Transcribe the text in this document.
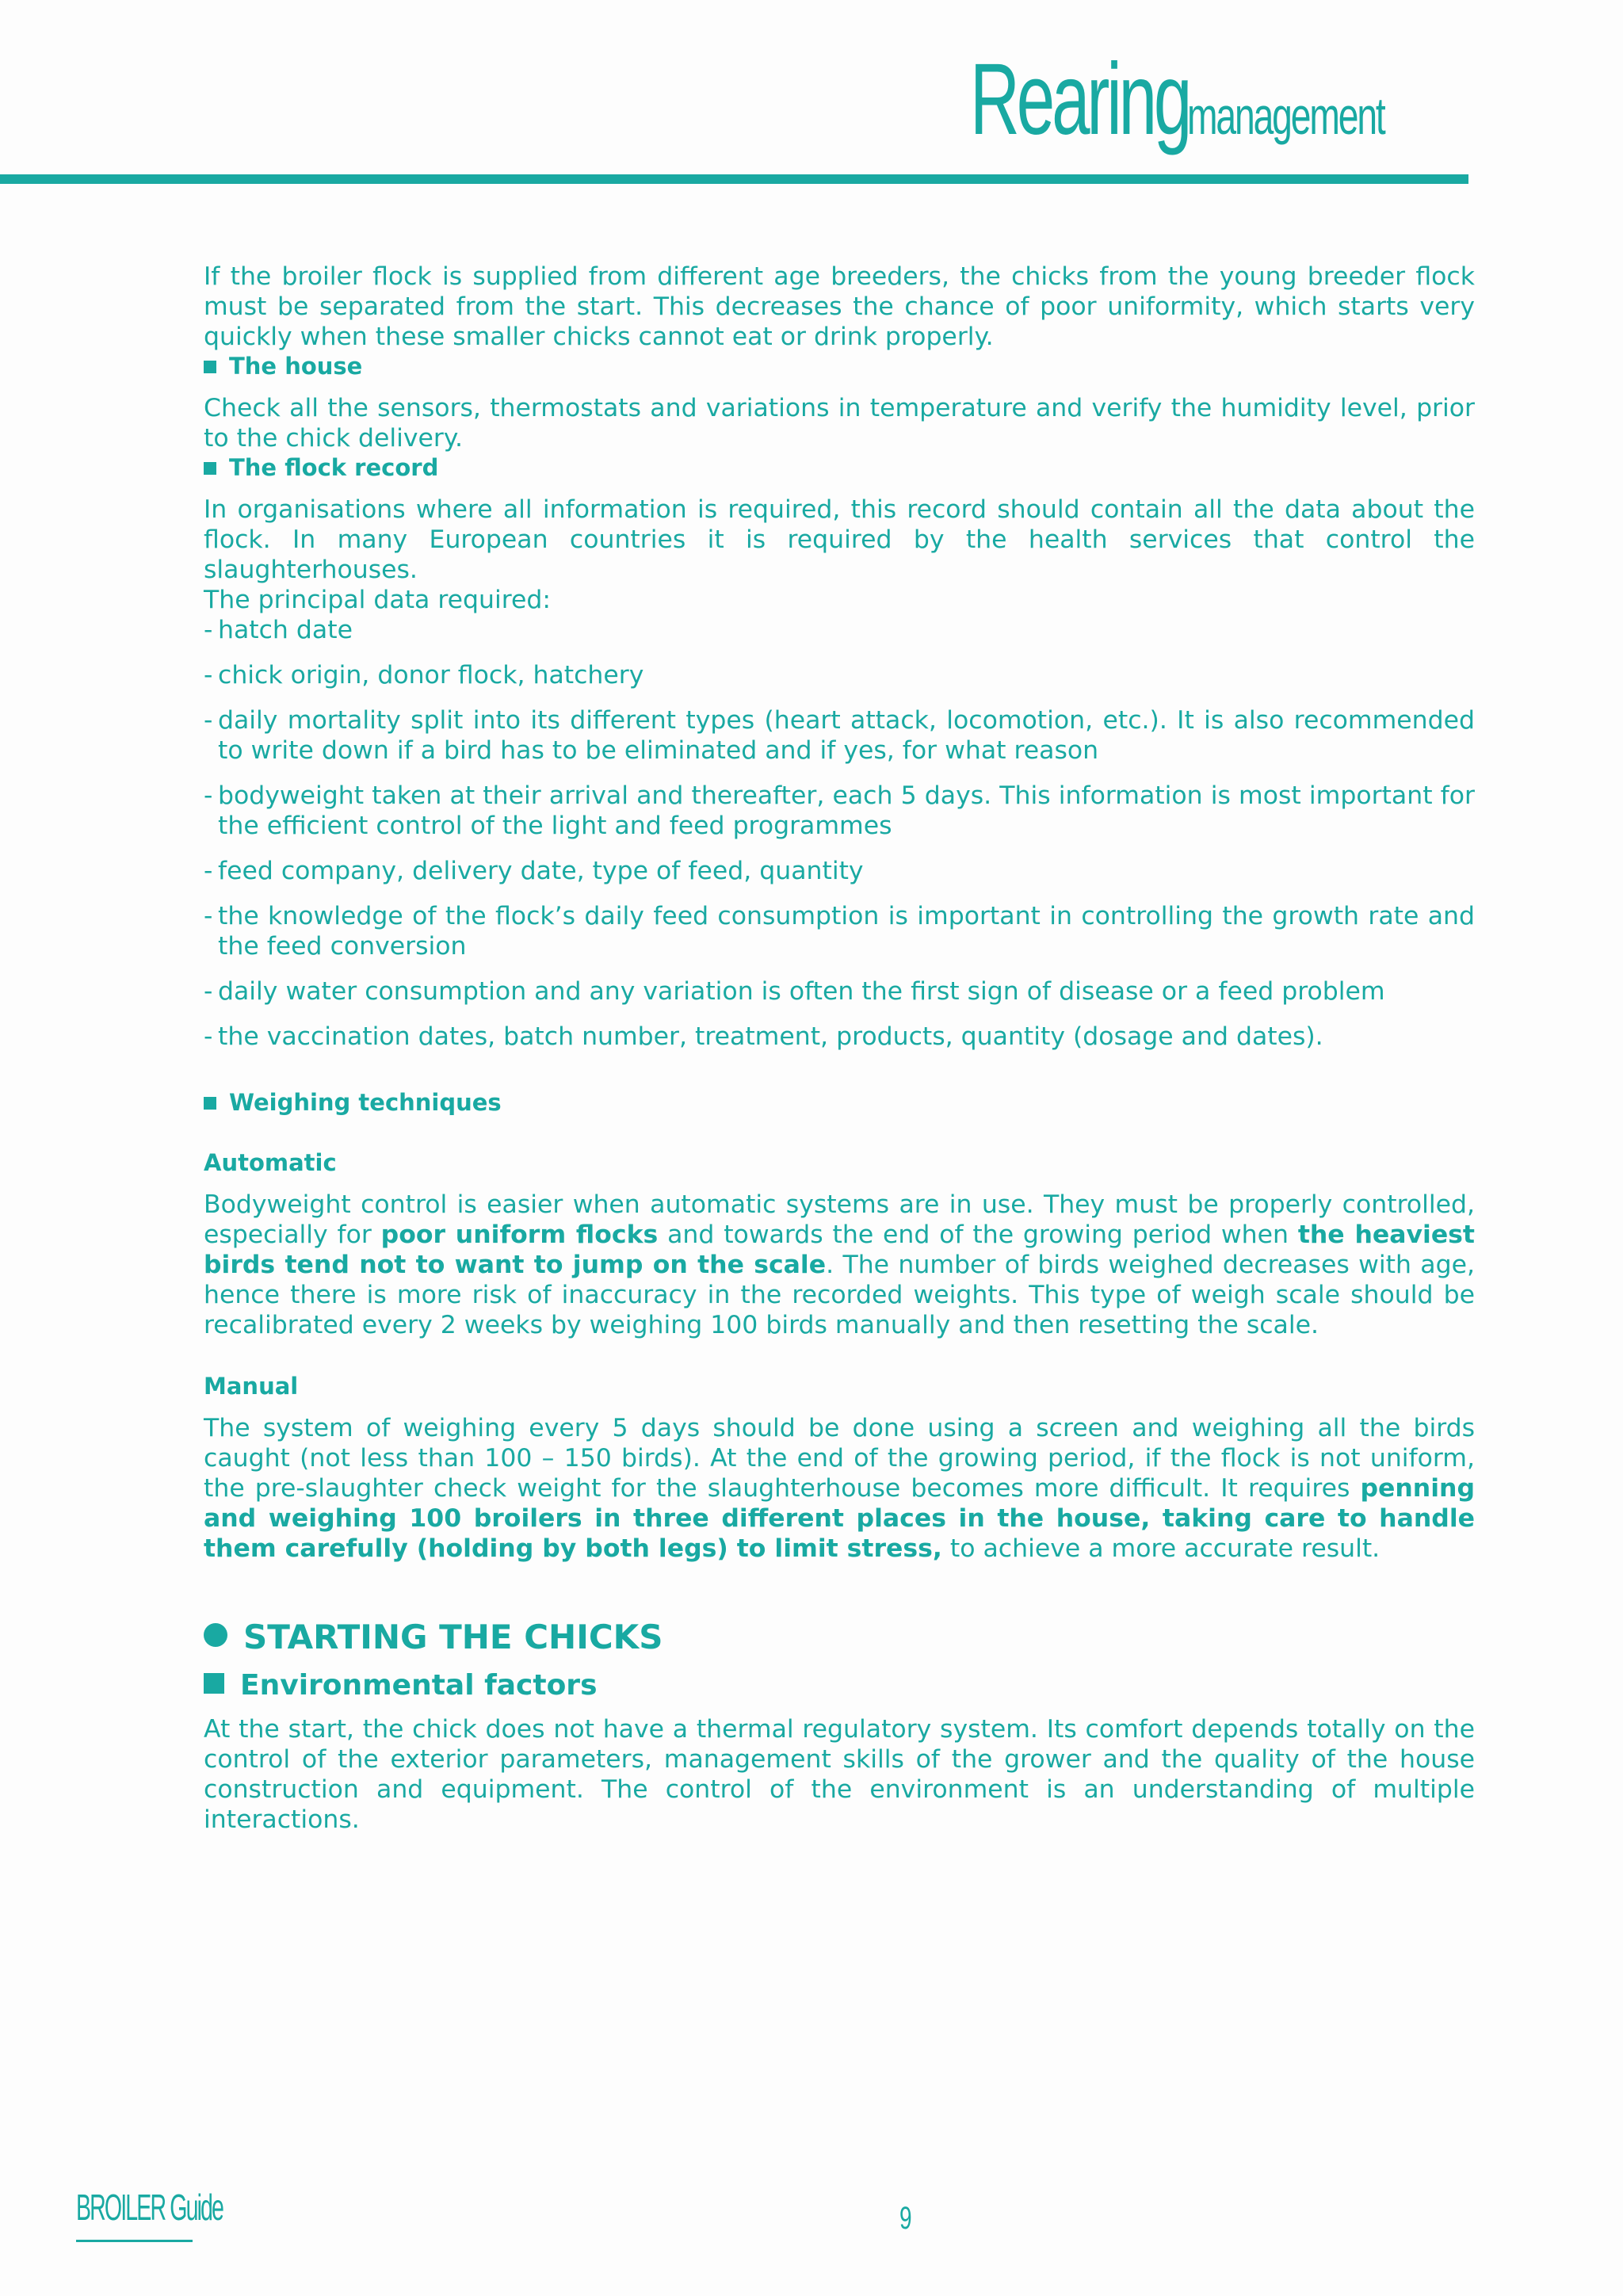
Rearingmanagement

If the broiler flock is supplied from different age breeders, the chicks from the young breeder flock must be separated from the start. This decreases the chance of poor uniformity, which starts very quickly when these smaller chicks cannot eat or drink properly.

The house

Check all the sensors, thermostats and variations in temperature and verify the humidity level, prior to the chick delivery.

The flock record

In organisations where all information is required, this record should contain all the data about the flock. In many European countries it is required by the health services that control the slaughterhouses.

The principal data required:

- hatch date
- chick origin, donor flock, hatchery
- daily mortality split into its different types (heart attack, locomotion, etc.). It is also recommended to write down if a bird has to be eliminated and if yes, for what reason
- bodyweight taken at their arrival and thereafter, each 5 days. This information is most important for the efficient control of the light and feed programmes
- feed company, delivery date, type of feed, quantity
- the knowledge of the flock’s daily feed consumption is important in controlling the growth rate and the feed conversion
- daily water consumption and any variation is often the first sign of disease or a feed problem
- the vaccination dates, batch number, treatment, products, quantity (dosage and dates).
Weighing techniques
Automatic

Bodyweight control is easier when automatic systems are in use. They must be properly controlled, especially for poor uniform flocks and towards the end of the growing period when the heaviest birds tend not to want to jump on the scale. The number of birds weighed decreases with age, hence there is more risk of inaccuracy in the recorded weights. This type of weigh scale should be recalibrated every 2 weeks by weighing 100 birds manually and then resetting the scale.

Manual

The system of weighing every 5 days should be done using a screen and weighing all the birds caught (not less than 100 – 150 birds). At the end of the growing period, if the flock is not uniform, the pre-slaughter check weight for the slaughterhouse becomes more difficult. It requires penning and weighing 100 broilers in three different places in the house, taking care to handle them carefully (holding by both legs) to limit stress, to achieve a more accurate result.

STARTING THE CHICKS
Environmental factors

At the start, the chick does not have a thermal regulatory system. Its comfort depends totally on the control of the exterior parameters, management skills of the grower and the quality of the house construction and equipment. The control of the environment is an understanding of multiple interactions.

BROILER Guide	9
